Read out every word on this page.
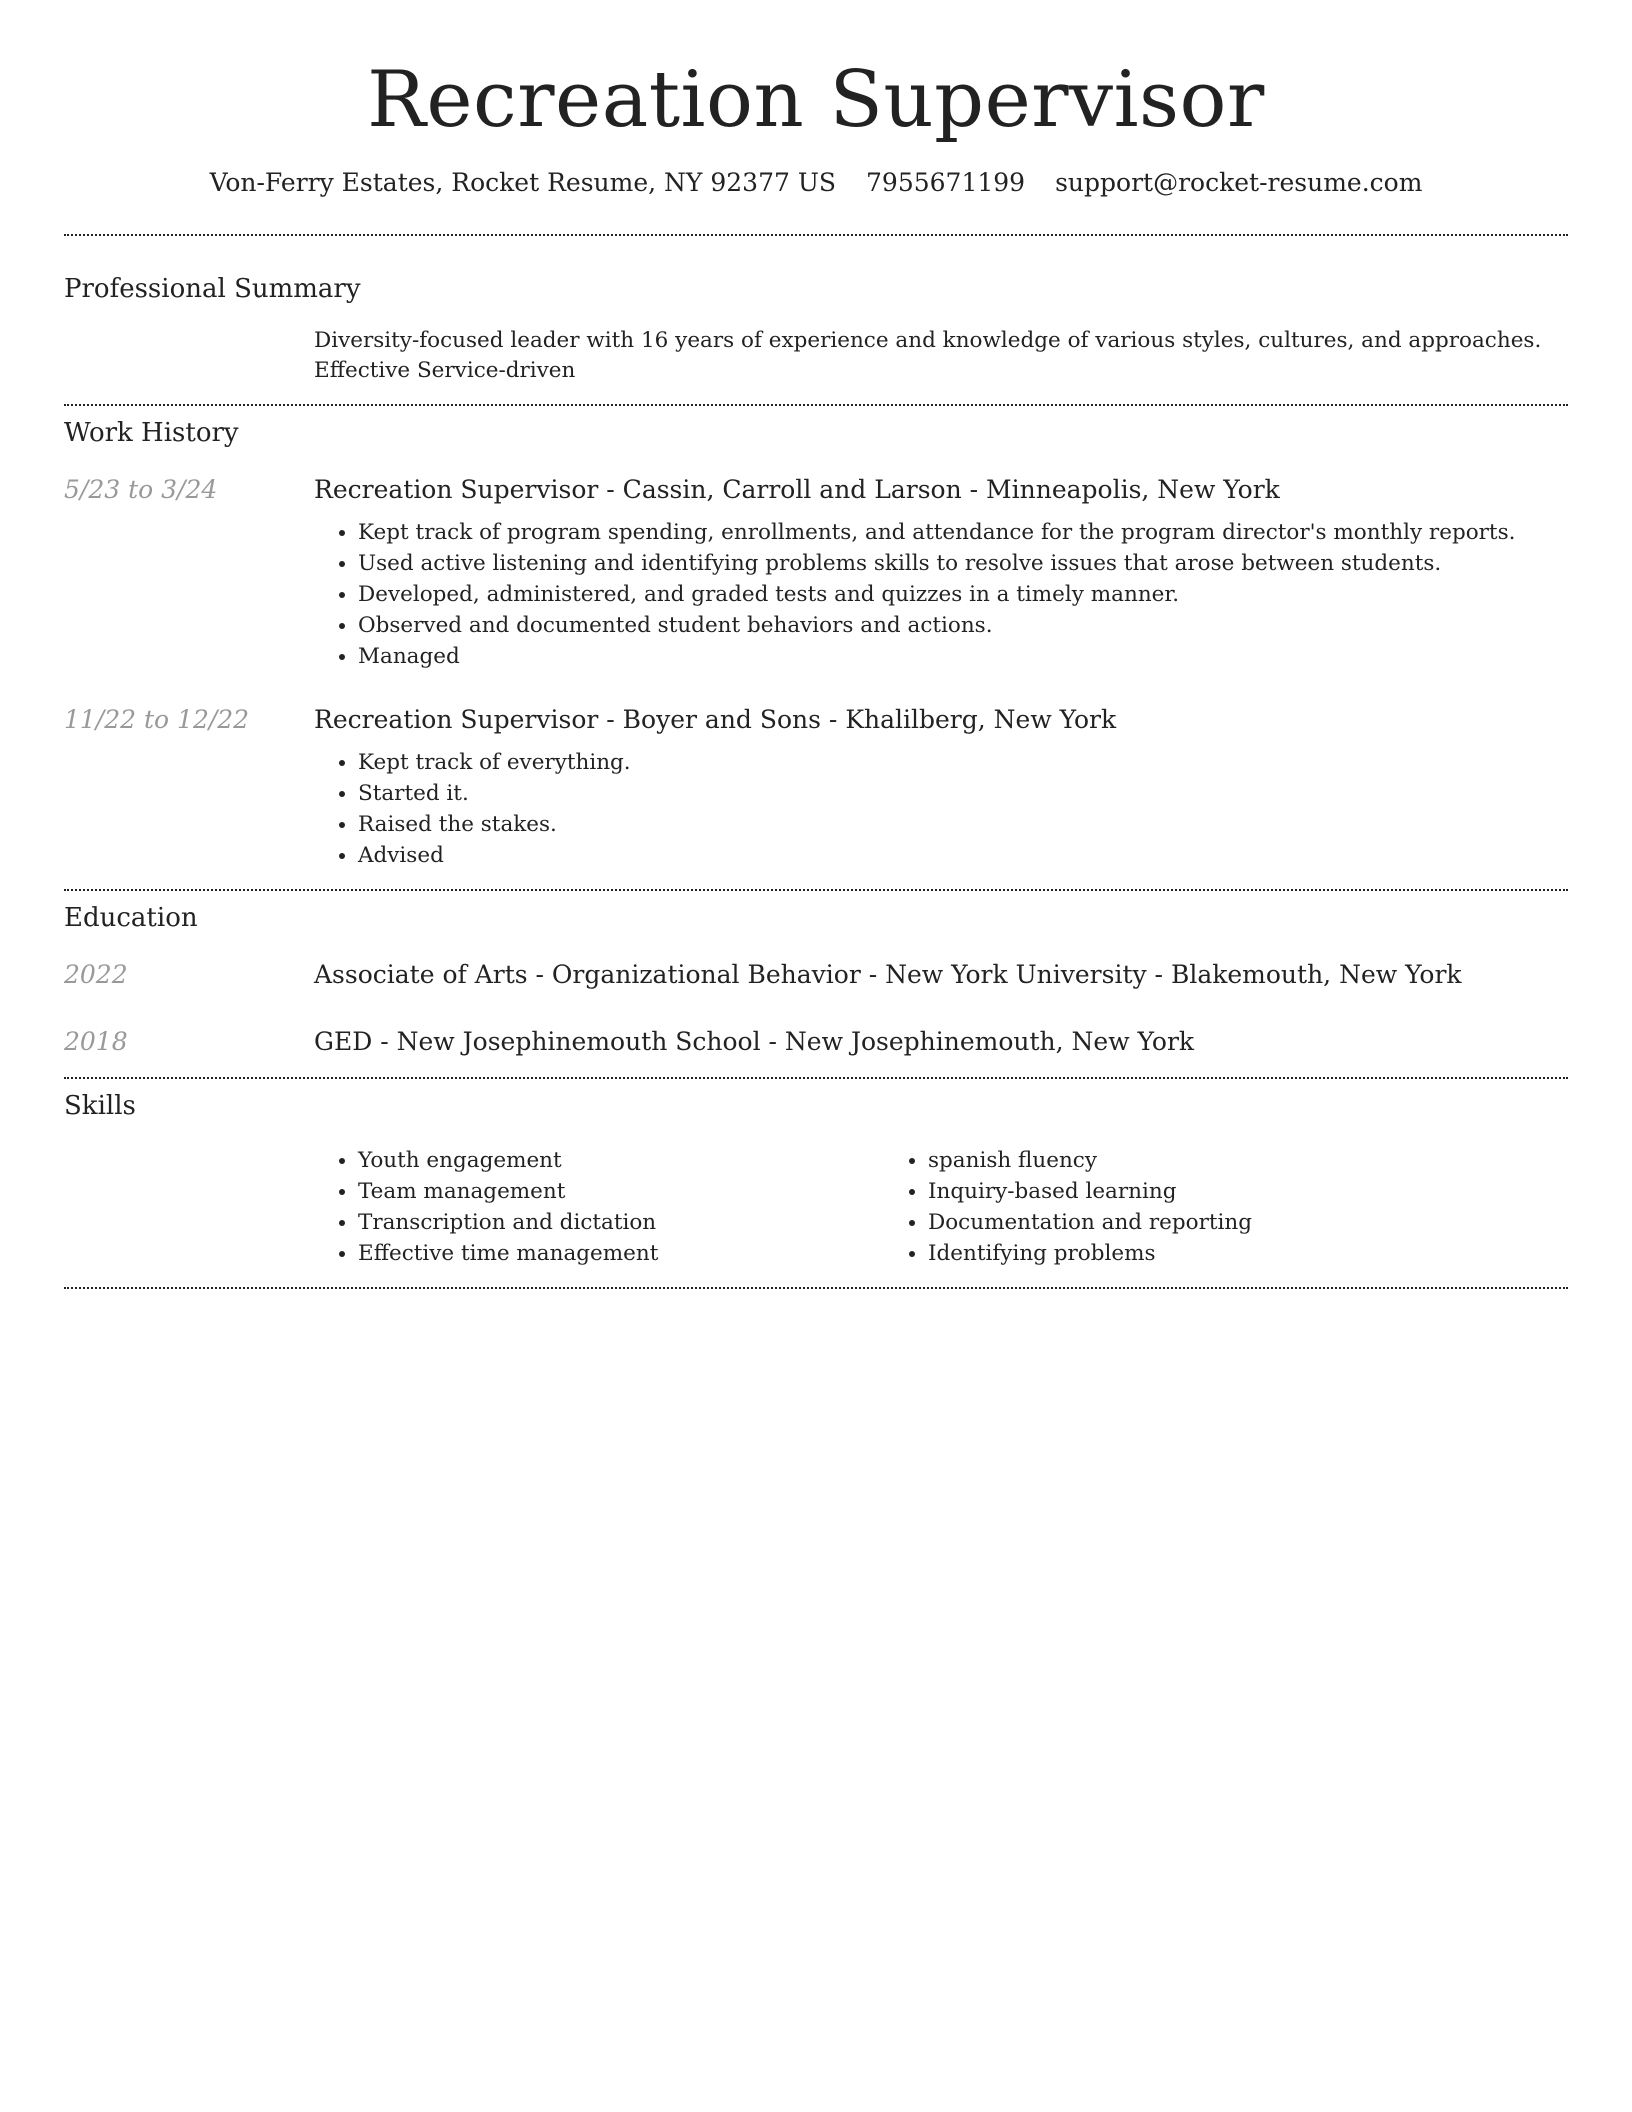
Recreation Supervisor
Von-Ferry Estates, Rocket Resume, NY 92377 US 7955671199 support@rocket-resume.com
Professional Summary
Diversity-focused leader with 16 years of experience and knowledge of various styles, cultures, and approaches. Effective Service-driven
Work History
5/23 to 3/24	Recreation Supervisor - Cassin, Carroll and Larson - Minneapolis, New York
• Kept track of program spending, enrollments, and attendance for the program director's monthly reports.
• Used active listening and identifying problems skills to resolve issues that arose between students.
• Developed, administered, and graded tests and quizzes in a timely manner.
• Observed and documented student behaviors and actions.
• Managed
11/22 to 12/22	Recreation Supervisor - Boyer and Sons - Khalilberg, New York
• Kept track of everything.
• Started it.
• Raised the stakes.
• Advised
Education
2022	Associate of Arts - Organizational Behavior - New York University - Blakemouth, New York
2018	GED - New Josephinemouth School - New Josephinemouth, New York
Skills
• Youth engagement
• Team management
• Transcription and dictation
• Effective time management
• spanish fluency
• Inquiry-based learning
• Documentation and reporting
• Identifying problems
